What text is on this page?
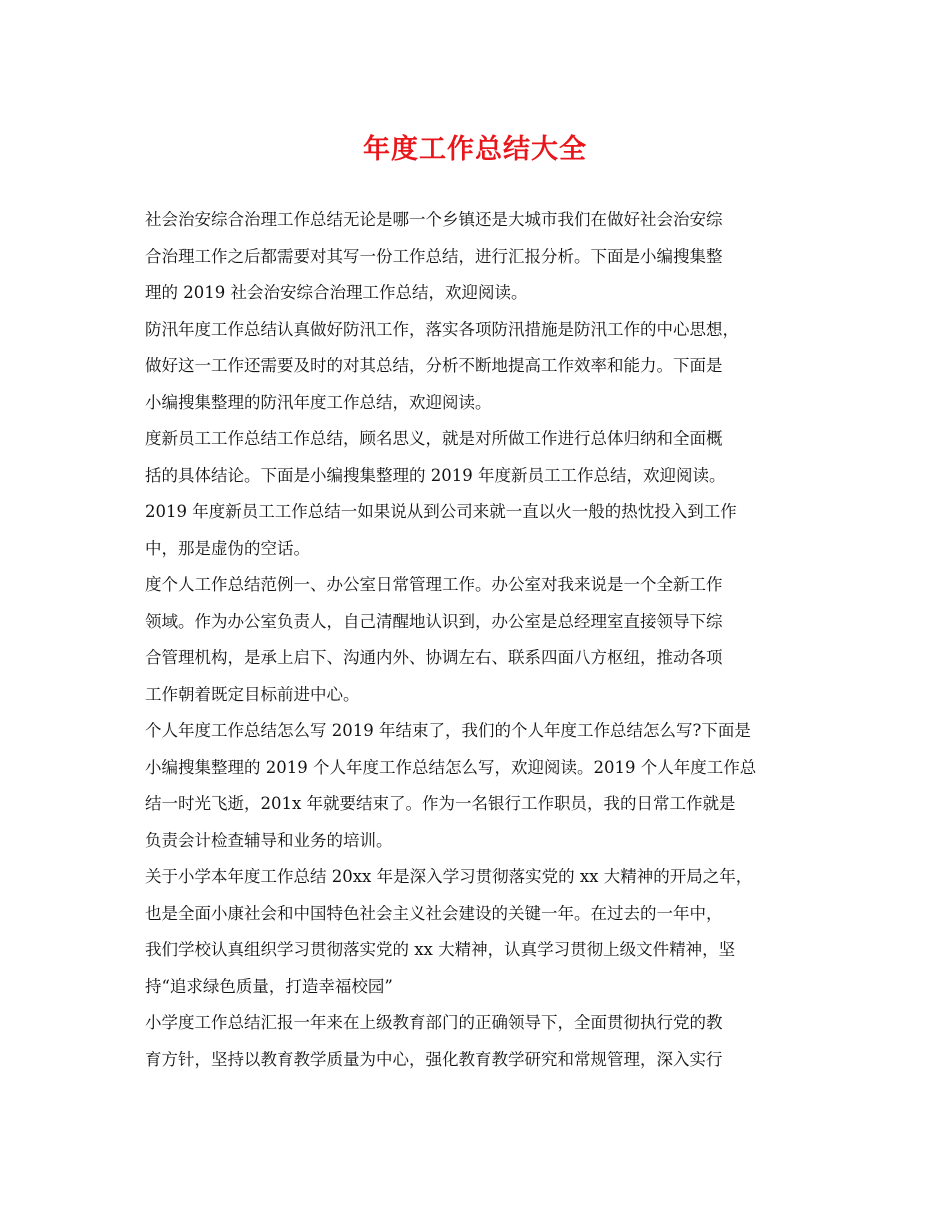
年度工作总结大全
社会治安综合治理工作总结无论是哪一个乡镇还是大城市我们在做好社会治安综
合治理工作之后都需要对其写一份工作总结，进行汇报分析。下面是小编搜集整
理的 2019 社会治安综合治理工作总结，欢迎阅读。
防汛年度工作总结认真做好防汛工作，落实各项防汛措施是防汛工作的中心思想，
做好这一工作还需要及时的对其总结，分析不断地提高工作效率和能力。下面是
小编搜集整理的防汛年度工作总结，欢迎阅读。
度新员工工作总结工作总结，顾名思义，就是对所做工作进行总体归纳和全面概
括的具体结论。下面是小编搜集整理的 2019 年度新员工工作总结，欢迎阅读。
2019 年度新员工工作总结一如果说从到公司来就一直以火一般的热忱投入到工作
中，那是虚伪的空话。
度个人工作总结范例一、办公室日常管理工作。办公室对我来说是一个全新工作
领域。作为办公室负责人，自己清醒地认识到，办公室是总经理室直接领导下综
合管理机构，是承上启下、沟通内外、协调左右、联系四面八方枢纽，推动各项
工作朝着既定目标前进中心。
个人年度工作总结怎么写 2019 年结束了，我们的个人年度工作总结怎么写?下面是
小编搜集整理的 2019 个人年度工作总结怎么写，欢迎阅读。2019 个人年度工作总
结一时光飞逝，201x 年就要结束了。作为一名银行工作职员，我的日常工作就是
负责会计检查辅导和业务的培训。
关于小学本年度工作总结 20xx 年是深入学习贯彻落实党的 xx 大精神的开局之年，
也是全面小康社会和中国特色社会主义社会建设的关键一年。在过去的一年中，
我们学校认真组织学习贯彻落实党的 xx 大精神，认真学习贯彻上级文件精神，坚
持“追求绿色质量，打造幸福校园”
小学度工作总结汇报一年来在上级教育部门的正确领导下，全面贯彻执行党的教
育方针，坚持以教育教学质量为中心，强化教育教学研究和常规管理，深入实行
